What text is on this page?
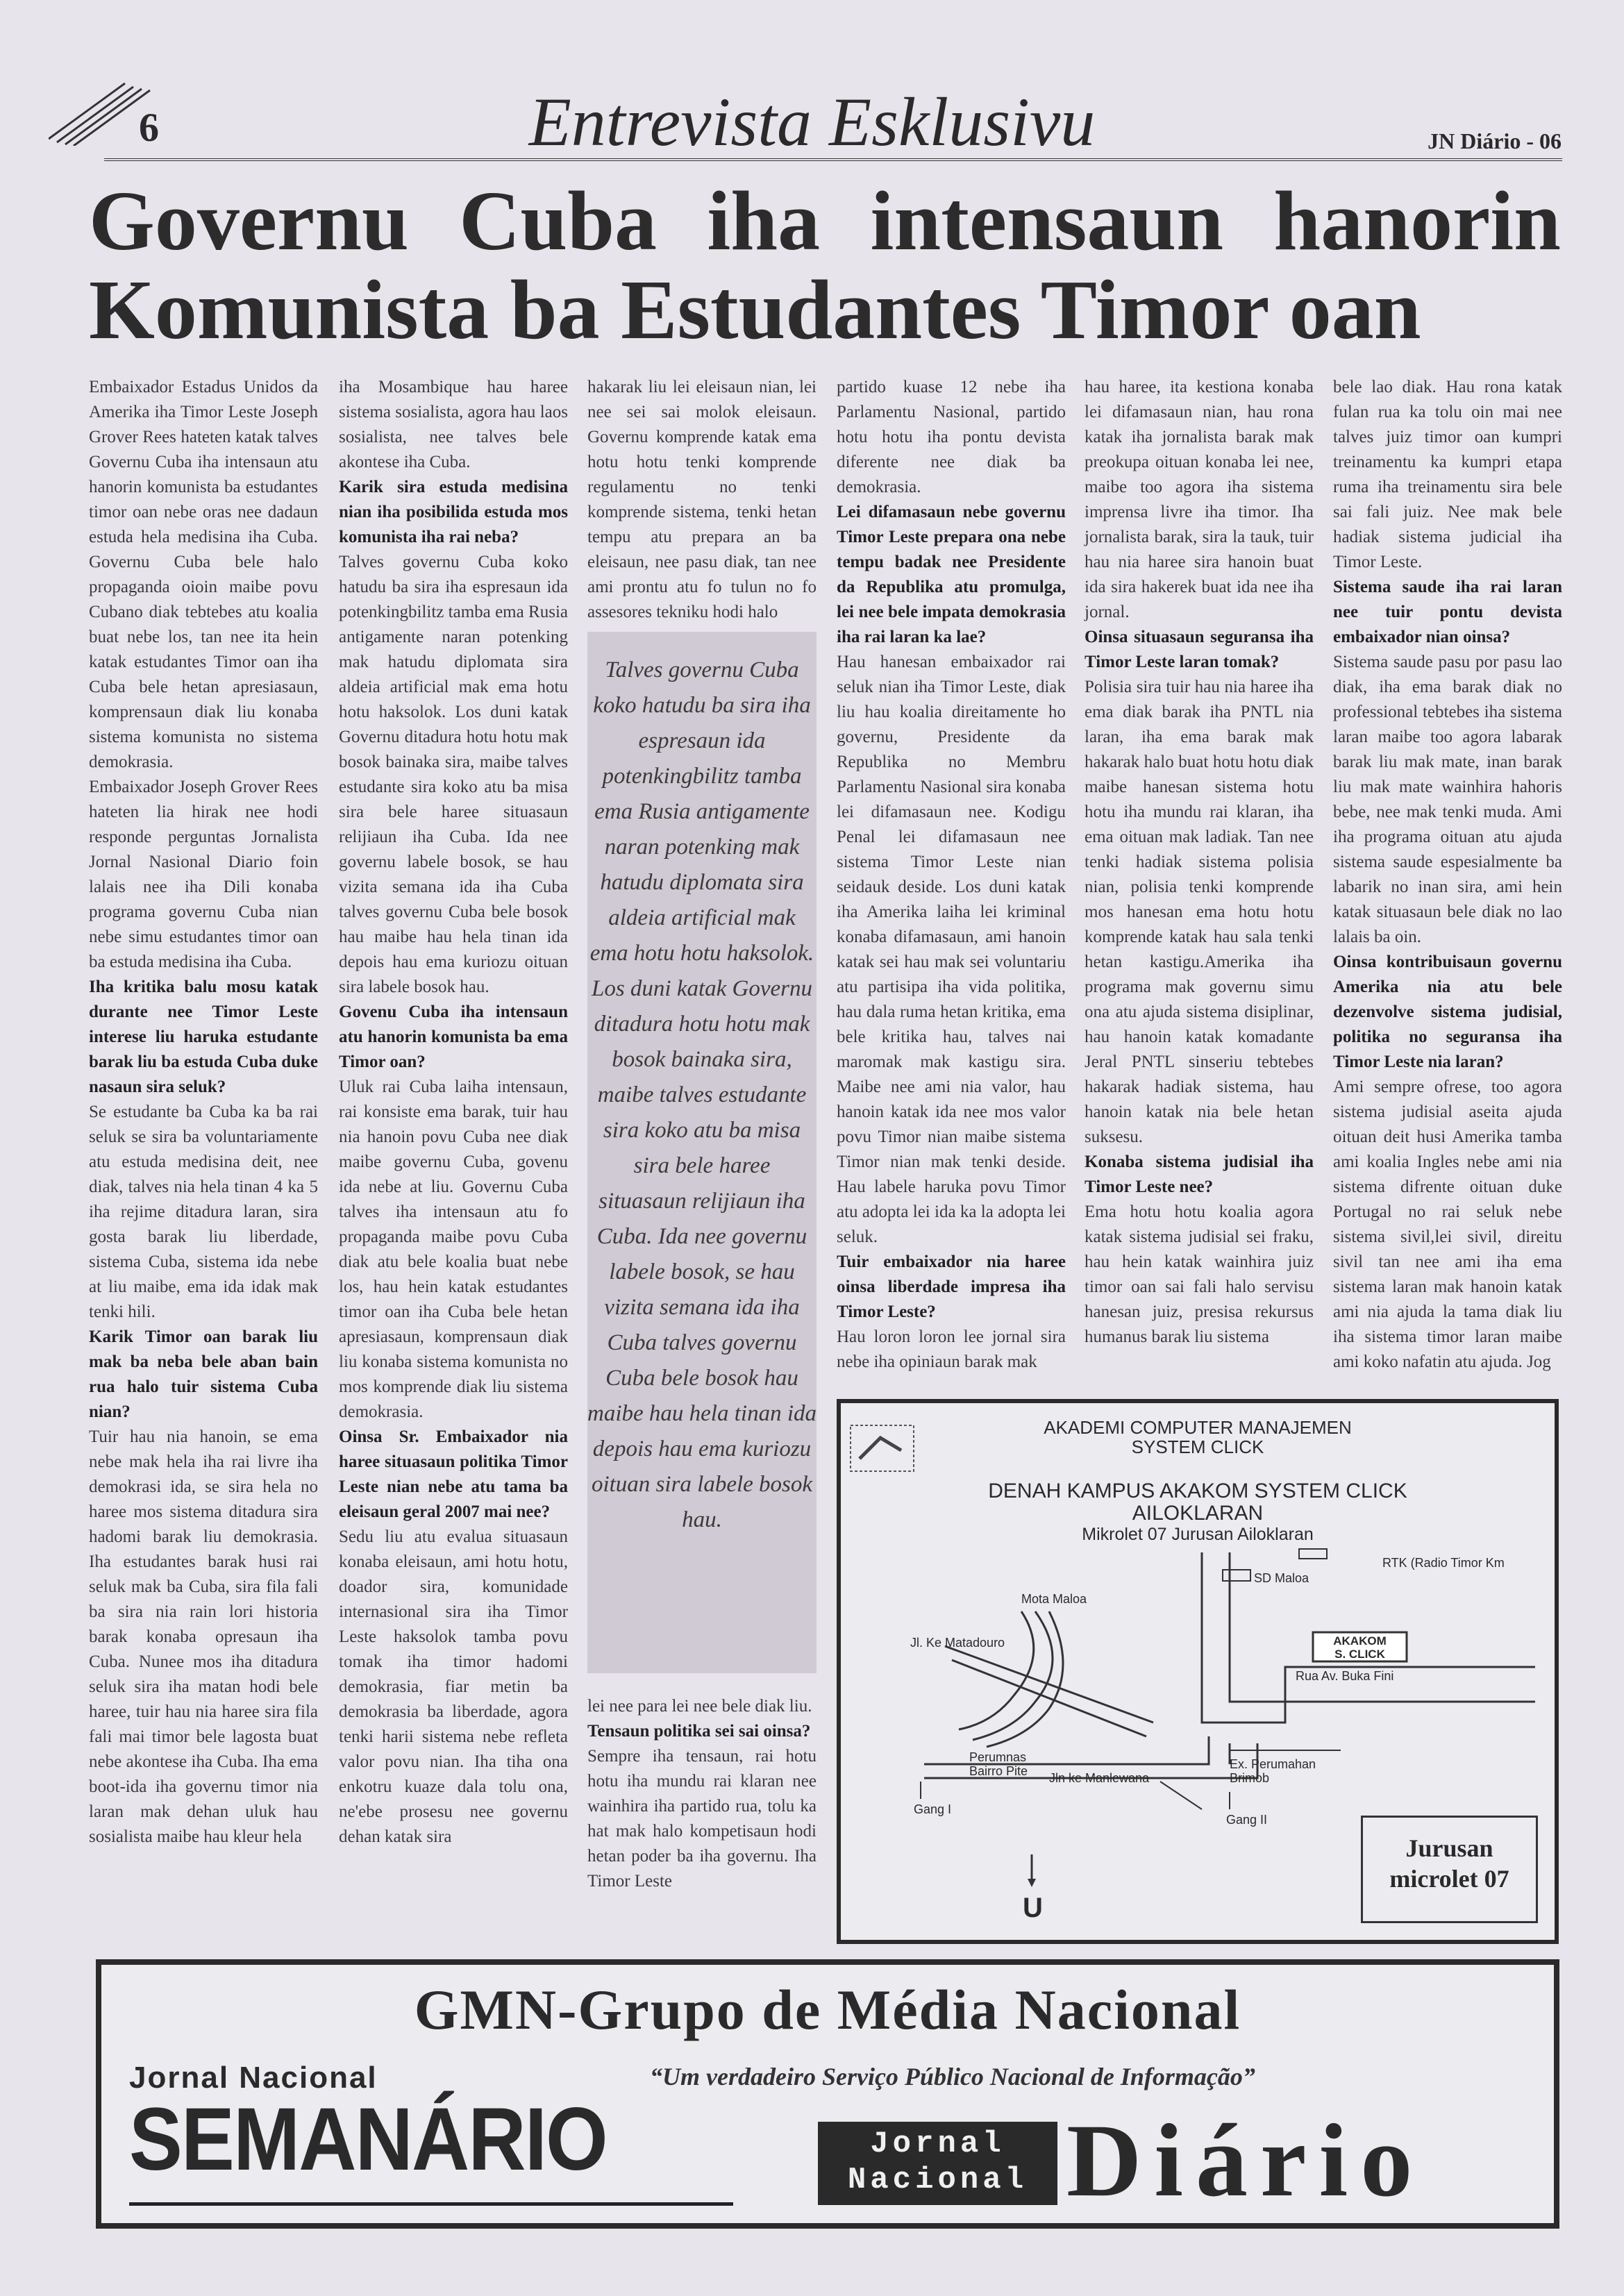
6	Entrevista Esklusivu	JN Diário - 06
Governu Cuba iha intensaun hanorin
Komunista ba Estudantes Timor oan

Embaixador Estadus Unidos da Amerika iha Timor Leste Joseph Grover Rees hateten katak talves Governu Cuba iha intensaun atu hanorin komunista ba estudantes timor oan nebe oras nee dadaun estuda hela medisina iha Cuba. Governu Cuba bele halo propaganda oioin maibe povu Cubano diak tebtebes atu koalia buat nebe los, tan nee ita hein katak estudantes Timor oan iha Cuba bele hetan apresiasaun, komprensaun diak liu konaba sistema komunista no sistema demokrasia.

Embaixador Joseph Grover Rees hateten lia hirak nee hodi responde perguntas Jornalista Jornal Nasional Diario foin lalais nee iha Dili konaba programa governu Cuba nian nebe simu estudantes timor oan ba estuda medisina iha Cuba.

Iha kritika balu mosu katak durante nee Timor Leste interese liu haruka estudante barak liu ba estuda Cuba duke nasaun sira seluk?

Se estudante ba Cuba ka ba rai seluk se sira ba voluntariamente atu estuda medisina deit, nee diak, talves nia hela tinan 4 ka 5 iha rejime ditadura laran, sira gosta barak liu liberdade, sistema Cuba, sistema ida nebe at liu maibe, ema ida idak mak tenki hili.

Karik Timor oan barak liu mak ba neba bele aban bain rua halo tuir sistema Cuba nian?

Tuir hau nia hanoin, se ema nebe mak hela iha rai livre iha demokrasi ida, se sira hela no haree mos sistema ditadura sira hadomi barak liu demokrasia. Iha estudantes barak husi rai seluk mak ba Cuba, sira fila fali ba sira nia rain lori historia barak konaba opresaun iha Cuba. Nunee mos iha ditadura seluk sira iha matan hodi bele haree, tuir hau nia haree sira fila fali mai timor bele lagosta buat nebe akontese iha Cuba. Iha ema boot-ida iha governu timor nia laran mak dehan uluk hau sosialista maibe hau kleur hela

iha Mosambique hau haree sistema sosialista, agora hau laos sosialista, nee talves bele akontese iha Cuba.

Karik sira estuda medisina nian iha posibilida estuda mos komunista iha rai neba?

Talves governu Cuba koko hatudu ba sira iha espresaun ida potenkingbilitz tamba ema Rusia antigamente naran potenking mak hatudu diplomata sira aldeia artificial mak ema hotu hotu haksolok. Los duni katak Governu ditadura hotu hotu mak bosok bainaka sira, maibe talves estudante sira koko atu ba misa sira bele haree situasaun relijiaun iha Cuba. Ida nee governu labele bosok, se hau vizita semana ida iha Cuba talves governu Cuba bele bosok hau maibe hau hela tinan ida depois hau ema kuriozu oituan sira labele bosok hau.

Govenu Cuba iha intensaun atu hanorin komunista ba ema Timor oan?

Uluk rai Cuba laiha intensaun, rai konsiste ema barak, tuir hau nia hanoin povu Cuba nee diak maibe governu Cuba, govenu ida nebe at liu. Governu Cuba talves iha intensaun atu fo propaganda maibe povu Cuba diak atu bele koalia buat nebe los, hau hein katak estudantes timor oan iha Cuba bele hetan apresiasaun, komprensaun diak liu konaba sistema komunista no mos komprende diak liu sistema demokrasia.

Oinsa Sr. Embaixador nia haree situasaun politika Timor Leste nian nebe atu tama ba eleisaun geral 2007 mai nee?

Sedu liu atu evalua situasaun konaba eleisaun, ami hotu hotu, doador sira, komunidade internasional sira iha Timor Leste haksolok tamba povu tomak iha timor hadomi demokrasia, fiar metin ba demokrasia ba liberdade, agora tenki harii sistema nebe refleta valor povu nian. Iha tiha ona enkotru kuaze dala tolu ona, ne'ebe prosesu nee governu dehan katak sira

hakarak liu lei eleisaun nian, lei nee sei sai molok eleisaun. Governu komprende katak ema hotu hotu tenki komprende regulamentu no tenki komprende sistema, tenki hetan tempu atu prepara an ba eleisaun, nee pasu diak, tan nee ami prontu atu fo tulun no fo assesores tekniku hodi halo

Talves governu Cuba koko hatudu ba sira iha espresaun ida potenkingbilitz tamba ema Rusia antigamente naran potenking mak hatudu diplomata sira aldeia artificial mak ema hotu hotu haksolok. Los duni katak Governu ditadura hotu hotu mak bosok bainaka sira, maibe talves estudante sira koko atu ba misa sira bele haree situasaun relijiaun iha Cuba. Ida nee governu labele bosok, se hau vizita semana ida iha Cuba talves governu Cuba bele bosok hau maibe hau hela tinan ida depois hau ema kuriozu oituan sira labele bosok hau.

lei nee para lei nee bele diak liu.

Tensaun politika sei sai oinsa?

Sempre iha tensaun, rai hotu hotu iha mundu rai klaran nee wainhira iha partido rua, tolu ka hat mak halo kompetisaun hodi hetan poder ba iha governu. Iha Timor Leste

partido kuase 12 nebe iha Parlamentu Nasional, partido hotu hotu iha pontu devista diferente nee diak ba demokrasia.

Lei difamasaun nebe governu Timor Leste prepara ona nebe tempu badak nee Presidente da Republika atu promulga, lei nee bele impata demokrasia iha rai laran ka lae?

Hau hanesan embaixador rai seluk nian iha Timor Leste, diak liu hau koalia direitamente ho governu, Presidente da Republika no Membru Parlamentu Nasional sira konaba lei difamasaun nee. Kodigu Penal lei difamasaun nee sistema Timor Leste nian seidauk deside. Los duni katak iha Amerika laiha lei kriminal konaba difamasaun, ami hanoin katak sei hau mak sei voluntariu atu partisipa iha vida politika, hau dala ruma hetan kritika, ema bele kritika hau, talves nai maromak mak kastigu sira. Maibe nee ami nia valor, hau hanoin katak ida nee mos valor povu Timor nian maibe sistema Timor nian mak tenki deside. Hau labele haruka povu Timor atu adopta lei ida ka la adopta lei seluk.

Tuir embaixador nia haree oinsa liberdade impresa iha Timor Leste?

Hau loron loron lee jornal sira nebe iha opiniaun barak mak

hau haree, ita kestiona konaba lei difamasaun nian, hau rona katak iha jornalista barak mak preokupa oituan konaba lei nee, maibe too agora iha sistema imprensa livre iha timor. Iha jornalista barak, sira la tauk, tuir hau nia haree sira hanoin buat ida sira hakerek buat ida nee iha jornal.

Oinsa situasaun seguransa iha Timor Leste laran tomak?

Polisia sira tuir hau nia haree iha ema diak barak iha PNTL nia laran, iha ema barak mak hakarak halo buat hotu hotu diak maibe hanesan sistema hotu hotu iha mundu rai klaran, iha ema oituan mak ladiak. Tan nee tenki hadiak sistema polisia nian, polisia tenki komprende mos hanesan ema hotu hotu komprende katak hau sala tenki hetan kastigu.Amerika iha programa mak governu simu ona atu ajuda sistema disiplinar, hau hanoin katak komadante Jeral PNTL sinseriu tebtebes hakarak hadiak sistema, hau hanoin katak nia bele hetan suksesu.

Konaba sistema judisial iha Timor Leste nee?

Ema hotu hotu koalia agora katak sistema judisial sei fraku, hau hein katak wainhira juiz timor oan sai fali halo servisu hanesan juiz, presisa rekursus humanus barak liu sistema

bele lao diak. Hau rona katak fulan rua ka tolu oin mai nee talves juiz timor oan kumpri treinamentu ka kumpri etapa ruma iha treinamentu sira bele sai fali juiz. Nee mak bele hadiak sistema judicial iha Timor Leste.

Sistema saude iha rai laran nee tuir pontu devista embaixador nian oinsa?

Sistema saude pasu por pasu lao diak, iha ema barak diak no professional tebtebes iha sistema laran maibe too agora labarak barak liu mak mate, inan barak liu mak mate wainhira hahoris bebe, nee mak tenki muda. Ami iha programa oituan atu ajuda sistema saude espesialmente ba labarik no inan sira, ami hein katak situasaun bele diak no lao lalais ba oin.

Oinsa kontribuisaun governu Amerika nia atu bele dezenvolve sistema judisial, politika no seguransa iha Timor Leste nia laran?

Ami sempre ofrese, too agora sistema judisial aseita ajuda oituan deit husi Amerika tamba ami koalia Ingles nebe ami nia sistema difrente oituan duke Portugal no rai seluk nebe sistema sivil,lei sivil, direitu sivil tan nee ami iha ema sistema laran mak hanoin katak ami nia ajuda la tama diak liu iha sistema timor laran maibe ami koko nafatin atu ajuda. Jog

AKADEMI COMPUTER MANAJEMEN
SYSTEM CLICK
DENAH KAMPUS AKAKOM SYSTEM CLICK
AILOKLARAN
Mikrolet 07 Jurusan Ailoklaran
RTK (Radio Timor Km
SD Maloa
Mota Maloa
Jl. Ke Matadouro	AKAKOM
S. CLICK
Rua Av. Buka Fini
Perumnas
Bairro Pite	Ex. Perumahan
Brimob
Jln ke Manlewana
Gang I
Gang II
U
Jurusan
microlet 07
GMN-Grupo de Média Nacional
Jornal Nacional	“Um verdadeiro Serviço Público Nacional de Informação”
SEMANÁRIO	Jornal
Nacional Diário
